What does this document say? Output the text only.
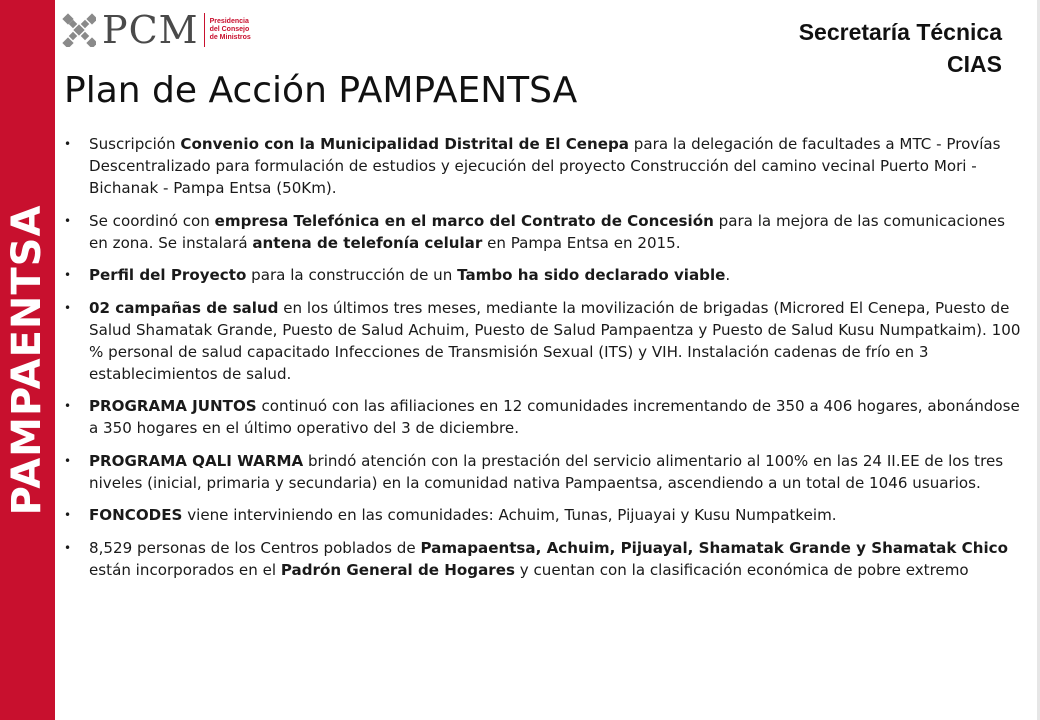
PAMPAENTSA
PCM Presidencia
del Consejo
de Ministros	Secretaría Técnica
CIAS
Plan de Acción PAMPAENTSA
• Suscripción Convenio con la Municipalidad Distrital de El Cenepa para la delegación de facultades a MTC - Provías Descentralizado para formulación de estudios y ejecución del proyecto Construcción del camino vecinal Puerto Mori - Bichanak - Pampa Entsa (50Km).
• Se coordinó con empresa Telefónica en el marco del Contrato de Concesión para la mejora de las comunicaciones en zona. Se instalará antena de telefonía celular en Pampa Entsa en 2015.
• Perfil del Proyecto para la construcción de un Tambo ha sido declarado viable.
• 02 campañas de salud en los últimos tres meses, mediante la movilización de brigadas (Microred El Cenepa, Puesto de Salud Shamatak Grande, Puesto de Salud Achuim, Puesto de Salud Pampaentza y Puesto de Salud Kusu Numpatkaim). 100 % personal de salud capacitado Infecciones de Transmisión Sexual (ITS) y VIH. Instalación cadenas de frío en 3 establecimientos de salud.
• PROGRAMA JUNTOS continuó con las afiliaciones en 12 comunidades incrementando de 350 a 406 hogares, abonándose a 350 hogares en el último operativo del 3 de diciembre.
• PROGRAMA QALI WARMA brindó atención con la prestación del servicio alimentario al 100% en las 24 II.EE de los tres niveles (inicial, primaria y secundaria) en la comunidad nativa Pampaentsa, ascendiendo a un total de 1046 usuarios.
• FONCODES viene interviniendo en las comunidades: Achuim, Tunas, Pijuayai y Kusu Numpatkeim.
• 8,529 personas de los Centros poblados de Pamapaentsa, Achuim, Pijuayal, Shamatak Grande y Shamatak Chico están incorporados en el Padrón General de Hogares y cuentan con la clasificación económica de pobre extremo
